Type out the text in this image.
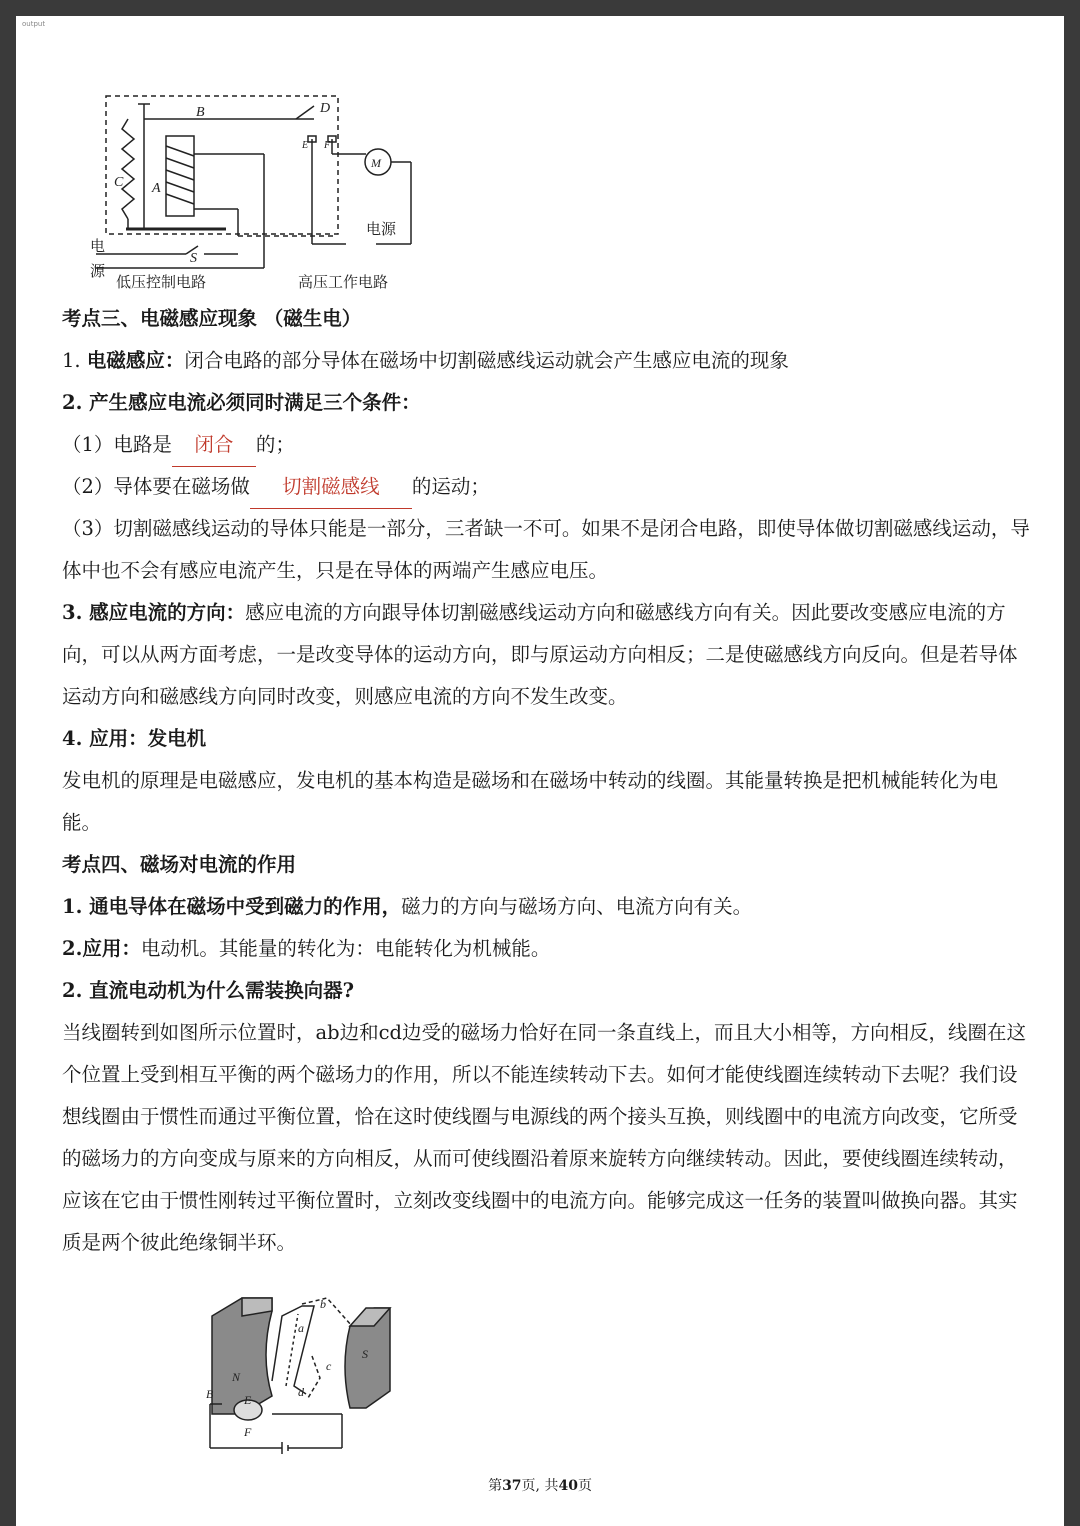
output
B	D
C A
S
E F
M
电
源
电源
低压控制电路	高压工作电路
考点三、电磁感应现象 （磁生电）
1. 电磁感应：闭合电路的部分导体在磁场中切割磁感线运动就会产生感应电流的现象
2. 产生感应电流必须同时满足三个条件：
（1）电路是 闭合 的；
（2）导体要在磁场做 切割磁感线 的运动；
（3）切割磁感线运动的导体只能是一部分，三者缺一不可。如果不是闭合电路，即使导体做切割磁感线运动，导体中也不会有感应电流产生，只是在导体的两端产生感应电压。
3. 感应电流的方向：感应电流的方向跟导体切割磁感线运动方向和磁感线方向有关。因此要改变感应电流的方向，可以从两方面考虑，一是改变导体的运动方向，即与原运动方向相反；二是使磁感线方向反向。但是若导体运动方向和磁感线方向同时改变，则感应电流的方向不发生改变。
4. 应用：发电机
发电机的原理是电磁感应，发电机的基本构造是磁场和在磁场中转动的线圈。其能量转换是把机械能转化为电能。
考点四、磁场对电流的作用
1. 通电导体在磁场中受到磁力的作用，磁力的方向与磁场方向、电流方向有关。
2.应用：电动机。其能量的转化为：电能转化为机械能。
2. 直流电动机为什么需装换向器?
当线圈转到如图所示位置时，ab边和cd边受的磁场力恰好在同一条直线上，而且大小相等，方向相反，线圈在这个位置上受到相互平衡的两个磁场力的作用，所以不能连续转动下去。如何才能使线圈连续转动下去呢？我们设想线圈由于惯性而通过平衡位置，恰在这时使线圈与电源线的两个接头互换，则线圈中的电流方向改变，它所受的磁场力的方向变成与原来的方向相反，从而可使线圈沿着原来旋转方向继续转动。因此，要使线圈连续转动，应该在它由于惯性刚转过平衡位置时，立刻改变线圈中的电流方向。能够完成这一任务的装置叫做换向器。其实质是两个彼此绝缘铜半环。
N
S
E
B
F
a
b
c
d
第37页, 共40页
